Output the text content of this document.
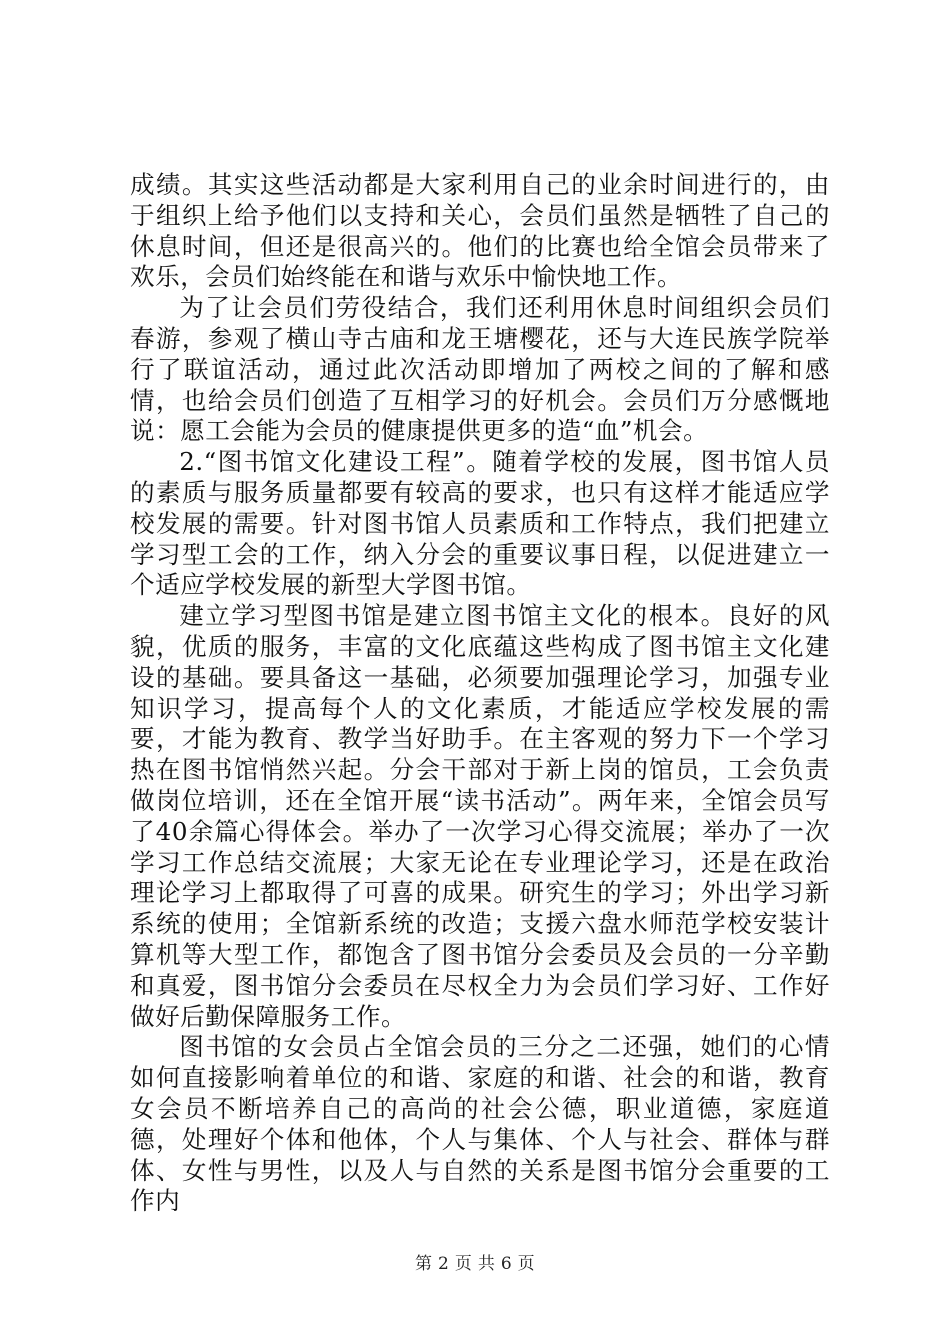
成绩。其实这些活动都是大家利用自己的业余时间进行的，由于组织上给予他们以支持和关心，会员们虽然是牺牲了自己的休息时间，但还是很高兴的。他们的比赛也给全馆会员带来了欢乐，会员们始终能在和谐与欢乐中愉快地工作。

为了让会员们劳役结合，我们还利用休息时间组织会员们春游，参观了横山寺古庙和龙王塘樱花，还与大连民族学院举行了联谊活动，通过此次活动即增加了两校之间的了解和感情，也给会员们创造了互相学习的好机会。会员们万分感慨地说：愿工会能为会员的健康提供更多的造“血”机会。

2.“图书馆文化建设工程”。随着学校的发展，图书馆人员的素质与服务质量都要有较高的要求，也只有这样才能适应学校发展的需要。针对图书馆人员素质和工作特点，我们把建立学习型工会的工作，纳入分会的重要议事日程，以促进建立一个适应学校发展的新型大学图书馆。

建立学习型图书馆是建立图书馆主文化的根本。良好的风貌，优质的服务，丰富的文化底蕴这些构成了图书馆主文化建设的基础。要具备这一基础，必须要加强理论学习，加强专业知识学习，提高每个人的文化素质，才能适应学校发展的需要，才能为教育、教学当好助手。在主客观的努力下一个学习热在图书馆悄然兴起。分会干部对于新上岗的馆员，工会负责做岗位培训，还在全馆开展“读书活动”。两年来，全馆会员写了40余篇心得体会。举办了一次学习心得交流展；举办了一次学习工作总结交流展；大家无论在专业理论学习，还是在政治理论学习上都取得了可喜的成果。研究生的学习；外出学习新系统的使用；全馆新系统的改造；支援六盘水师范学校安装计算机等大型工作，都饱含了图书馆分会委员及会员的一分辛勤和真爱，图书馆分会委员在尽权全力为会员们学习好、工作好做好后勤保障服务工作。

图书馆的女会员占全馆会员的三分之二还强，她们的心情如何直接影响着单位的和谐、家庭的和谐、社会的和谐，教育女会员不断培养自己的高尚的社会公德，职业道德，家庭道德，处理好个体和他体，个人与集体、个人与社会、群体与群体、女性与男性，以及人与自然的关系是图书馆分会重要的工作内

第 2 页 共 6 页
